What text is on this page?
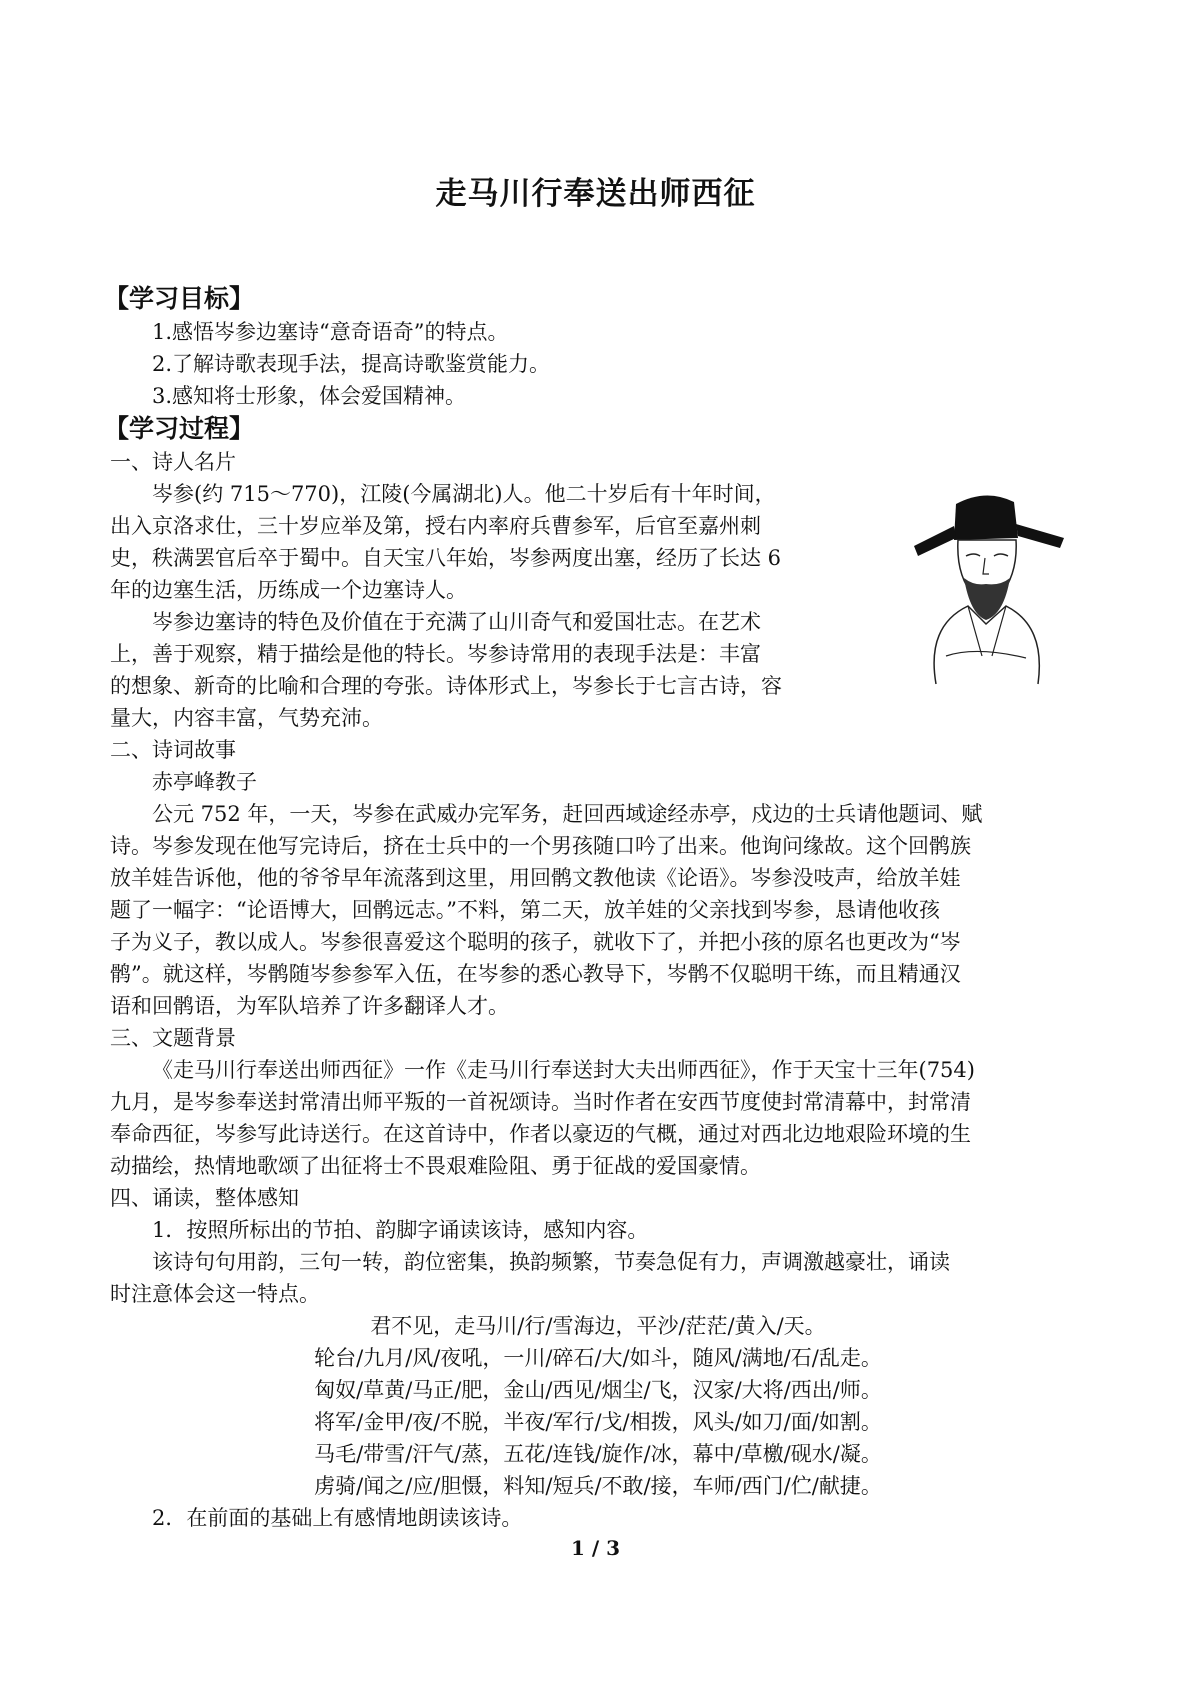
走马川行奉送出师西征
【学习目标】
1.感悟岑参边塞诗“意奇语奇”的特点。
2.了解诗歌表现手法，提高诗歌鉴赏能力。
3.感知将士形象，体会爱国精神。
【学习过程】
一、诗人名片
岑参(约 715～770)，江陵(今属湖北)人。他二十岁后有十年时间，
出入京洛求仕，三十岁应举及第，授右内率府兵曹参军，后官至嘉州刺
史，秩满罢官后卒于蜀中。自天宝八年始，岑参两度出塞，经历了长达 6
年的边塞生活，历练成一个边塞诗人。
岑参边塞诗的特色及价值在于充满了山川奇气和爱国壮志。在艺术
上，善于观察，精于描绘是他的特长。岑参诗常用的表现手法是：丰富
的想象、新奇的比喻和合理的夸张。诗体形式上，岑参长于七言古诗，容
量大，内容丰富，气势充沛。
二、诗词故事
赤亭峰教子
公元 752 年，一天，岑参在武威办完军务，赶回西域途经赤亭，戍边的士兵请他题词、赋
诗。岑参发现在他写完诗后，挤在士兵中的一个男孩随口吟了出来。他询问缘故。这个回鹘族
放羊娃告诉他，他的爷爷早年流落到这里，用回鹘文教他读《论语》。岑参没吱声，给放羊娃
题了一幅字：“论语博大，回鹘远志。”不料，第二天，放羊娃的父亲找到岑参，恳请他收孩
子为义子，教以成人。岑参很喜爱这个聪明的孩子，就收下了，并把小孩的原名也更改为“岑
鹘”。就这样，岑鹘随岑参参军入伍，在岑参的悉心教导下，岑鹘不仅聪明干练，而且精通汉
语和回鹘语，为军队培养了许多翻译人才。
三、文题背景
《走马川行奉送出师西征》一作《走马川行奉送封大夫出师西征》，作于天宝十三年(754)
九月，是岑参奉送封常清出师平叛的一首祝颂诗。当时作者在安西节度使封常清幕中，封常清
奉命西征，岑参写此诗送行。在这首诗中，作者以豪迈的气概，通过对西北边地艰险环境的生
动描绘，热情地歌颂了出征将士不畏艰难险阻、勇于征战的爱国豪情。
四、诵读，整体感知
1．按照所标出的节拍、韵脚字诵读该诗，感知内容。
该诗句句用韵，三句一转，韵位密集，换韵频繁，节奏急促有力，声调激越豪壮，诵读
时注意体会这一特点。
君不见，走马川/行/雪海边，平沙/茫茫/黄入/天。
轮台/九月/风/夜吼，一川/碎石/大/如斗，随风/满地/石/乱走。
匈奴/草黄/马正/肥，金山/西见/烟尘/飞，汉家/大将/西出/师。
将军/金甲/夜/不脱，半夜/军行/戈/相拨，风头/如刀/面/如割。
马毛/带雪/汗气/蒸，五花/连钱/旋作/冰，幕中/草檄/砚水/凝。
虏骑/闻之/应/胆慑，料知/短兵/不敢/接，车师/西门/伫/献捷。
2．在前面的基础上有感情地朗读该诗。
1 / 3
